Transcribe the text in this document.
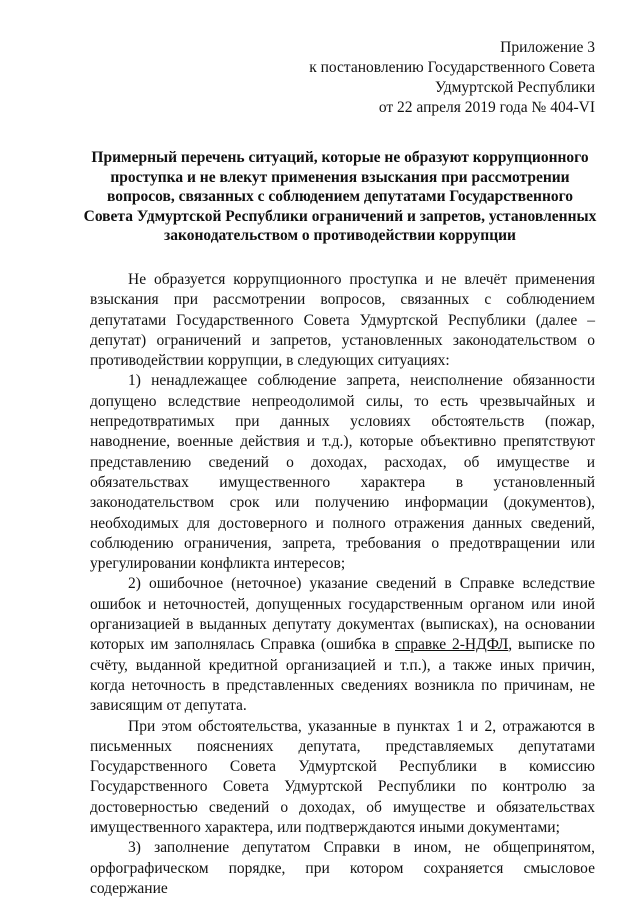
Приложение 3
к постановлению Государственного Совета
Удмуртской Республики
от 22 апреля 2019 года № 404-VI
Примерный перечень ситуаций, которые не образуют коррупционного
проступка и не влекут применения взыскания при рассмотрении
вопросов, связанных с соблюдением депутатами Государственного
Совета Удмуртской Республики ограничений и запретов, установленных
законодательством о противодействии коррупции

Не образуется коррупционного проступка и не влечёт применения взыскания при рассмотрении вопросов, связанных с соблюдением депутатами Государственного Совета Удмуртской Республики (далее – депутат) ограничений и запретов, установленных законодательством о противодействии коррупции, в следующих ситуациях:

1) ненадлежащее соблюдение запрета, неисполнение обязанности допущено вследствие непреодолимой силы, то есть чрезвычайных и непредотвратимых при данных условиях обстоятельств (пожар, наводнение, военные действия и т.д.), которые объективно препятствуют представлению сведений о доходах, расходах, об имуществе и обязательствах имущественного характера в установленный законодательством срок или получению информации (документов), необходимых для достоверного и полного отражения данных сведений, соблюдению ограничения, запрета, требования о предотвращении или урегулировании конфликта интересов;

2) ошибочное (неточное) указание сведений в Справке вследствие ошибок и неточностей, допущенных государственным органом или иной организацией в выданных депутату документах (выписках), на основании которых им заполнялась Справка (ошибка в справке 2-НДФЛ, выписке по счёту, выданной кредитной организацией и т.п.), а также иных причин, когда неточность в представленных сведениях возникла по причинам, не зависящим от депутата.

При этом обстоятельства, указанные в пунктах 1 и 2, отражаются в письменных пояснениях депутата, представляемых депутатами Государственного Совета Удмуртской Республики в комиссию Государственного Совета Удмуртской Республики по контролю за достоверностью сведений о доходах, об имуществе и обязательствах имущественного характера, или подтверждаются иными документами;

3) заполнение депутатом Справки в ином, не общепринятом, орфографическом порядке, при котором сохраняется смысловое содержание
